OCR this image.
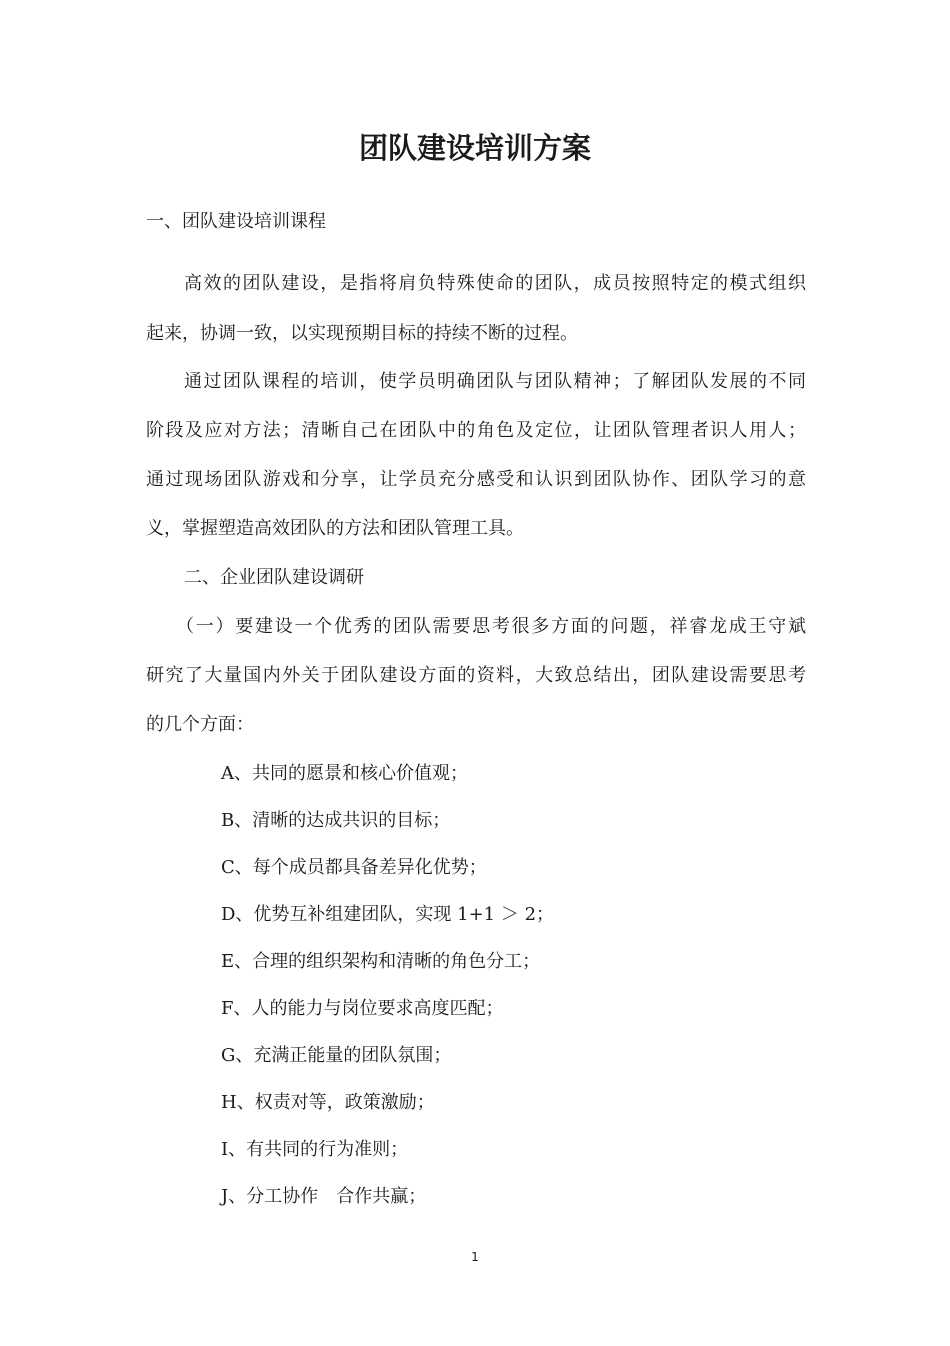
团队建设培训方案

一、团队建设培训课程

高效的团队建设，是指将肩负特殊使命的团队，成员按照特定的模式组织

起来，协调一致，以实现预期目标的持续不断的过程。

通过团队课程的培训，使学员明确团队与团队精神；了解团队发展的不同

阶段及应对方法；清晰自己在团队中的角色及定位，让团队管理者识人用人；

通过现场团队游戏和分享，让学员充分感受和认识到团队协作、团队学习的意

义，掌握塑造高效团队的方法和团队管理工具。

二、企业团队建设调研

（一）要建设一个优秀的团队需要思考很多方面的问题，祥睿龙成王守斌

研究了大量国内外关于团队建设方面的资料，大致总结出，团队建设需要思考

的几个方面：

A、共同的愿景和核心价值观；

B、清晰的达成共识的目标；

C、每个成员都具备差异化优势；

D、优势互补组建团队，实现 1+1 ＞ 2；

E、合理的组织架构和清晰的角色分工；

F、人的能力与岗位要求高度匹配；

G、充满正能量的团队氛围；

H、权责对等，政策激励；

I、有共同的行为准则；

J、分工协作　合作共赢；

1
